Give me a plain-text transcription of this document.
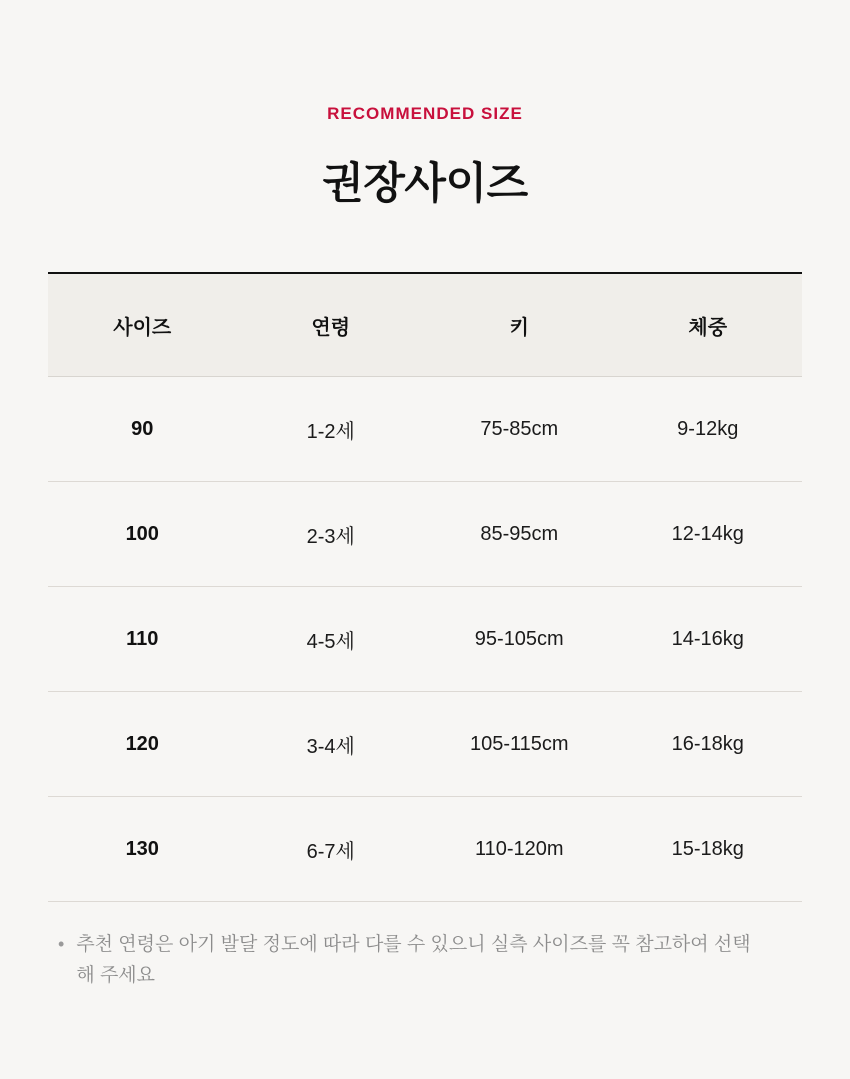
RECOMMENDED SIZE

권장사이즈
사이즈	연령	키	체중
90	1-2세	75-85cm	9-12kg
100	2-3세	85-95cm	12-14kg
110	4-5세	95-105cm	14-16kg
120	3-4세	105-115cm	16-18kg
130	6-7세	110-120m	15-18kg
• 추천 연령은 아기 발달 정도에 따라 다를 수 있으니 실측 사이즈를 꼭 참고하여 선택해 주세요
